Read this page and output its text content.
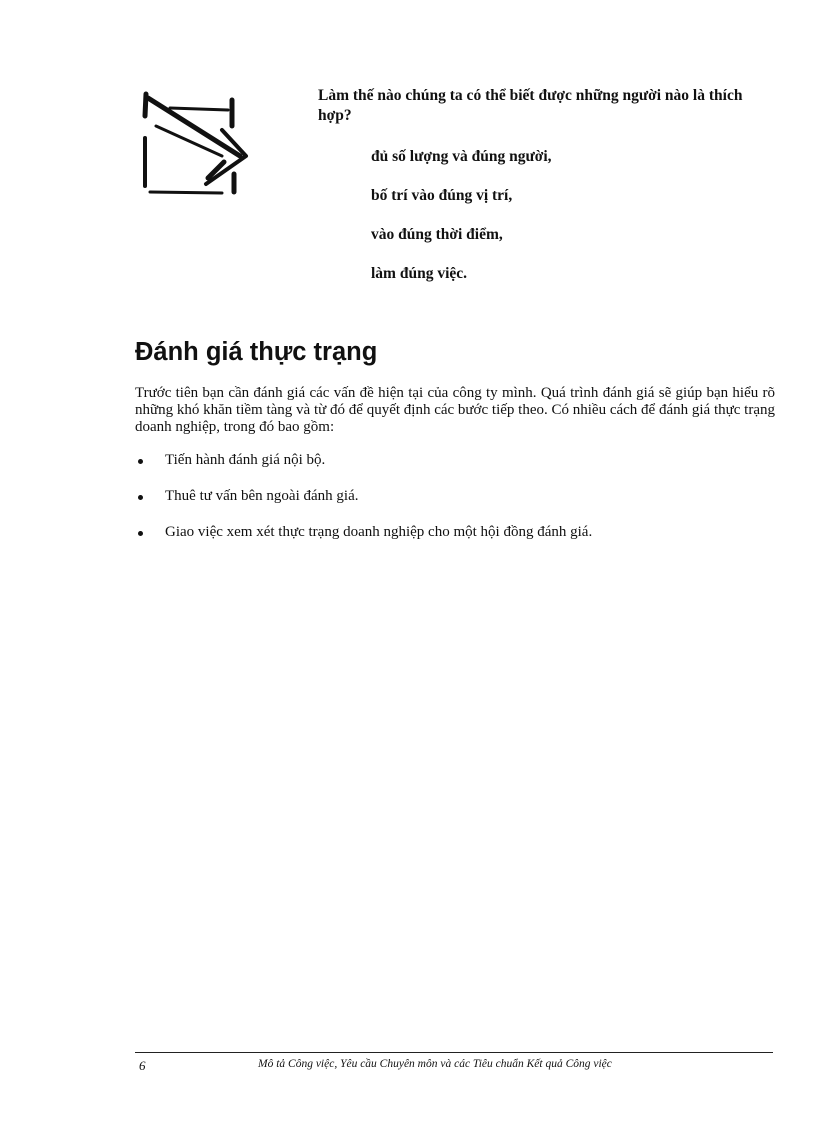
Làm thế nào chúng ta có thể biết được những người nào là thích hợp?
đủ số lượng và đúng người,
bố trí vào đúng vị trí,
vào đúng thời điểm,
làm đúng việc.
Đánh giá thực trạng

Trước tiên bạn cần đánh giá các vấn đề hiện tại của công ty mình. Quá trình đánh giá sẽ giúp bạn hiểu rõ những khó khăn tiềm tàng và từ đó để quyết định các bước tiếp theo. Có nhiều cách để đánh giá thực trạng doanh nghiệp, trong đó bao gồm:

Tiến hành đánh giá nội bộ.
Thuê tư vấn bên ngoài đánh giá.
Giao việc xem xét thực trạng doanh nghiệp cho một hội đồng đánh giá.
6	Mô tả Công việc, Yêu cầu Chuyên môn và các Tiêu chuẩn Kết quả Công việc
